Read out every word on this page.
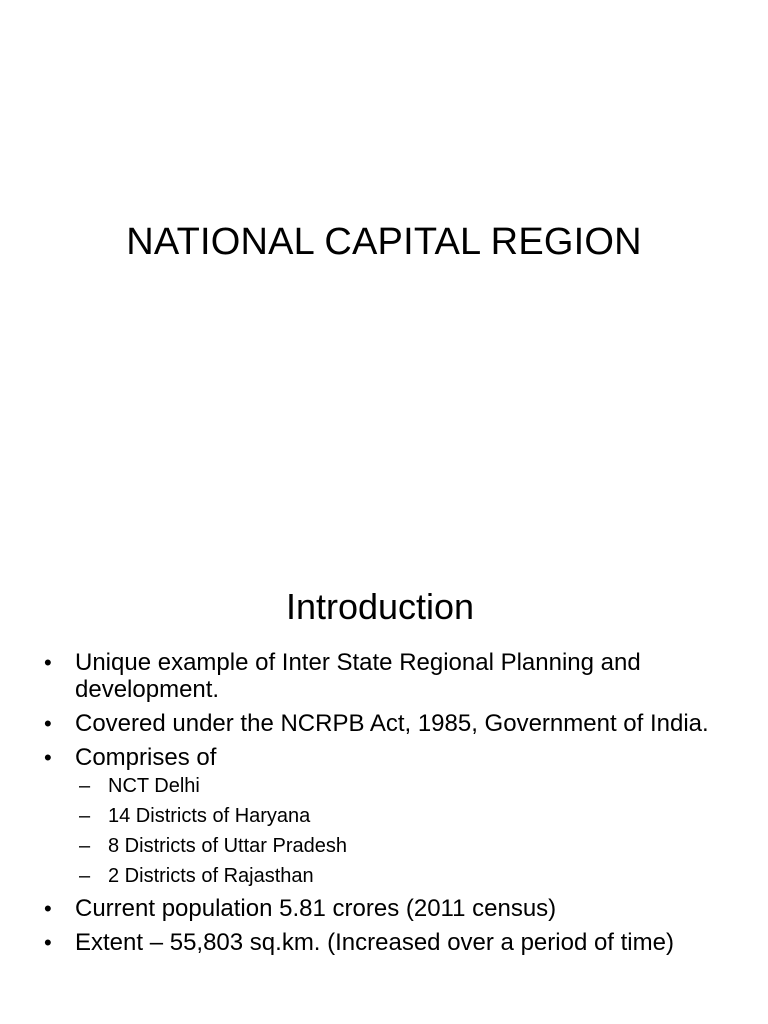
NATIONAL CAPITAL REGION
Introduction
• Unique example of Inter State Regional Planning and development.
• Covered under the NCRPB Act, 1985, Government of India.
• Comprises of
– NCT Delhi
– 14 Districts of Haryana
– 8 Districts of Uttar Pradesh
– 2 Districts of Rajasthan
• Current population 5.81 crores (2011 census)
• Extent – 55,803 sq.km. (Increased over a period of time)
